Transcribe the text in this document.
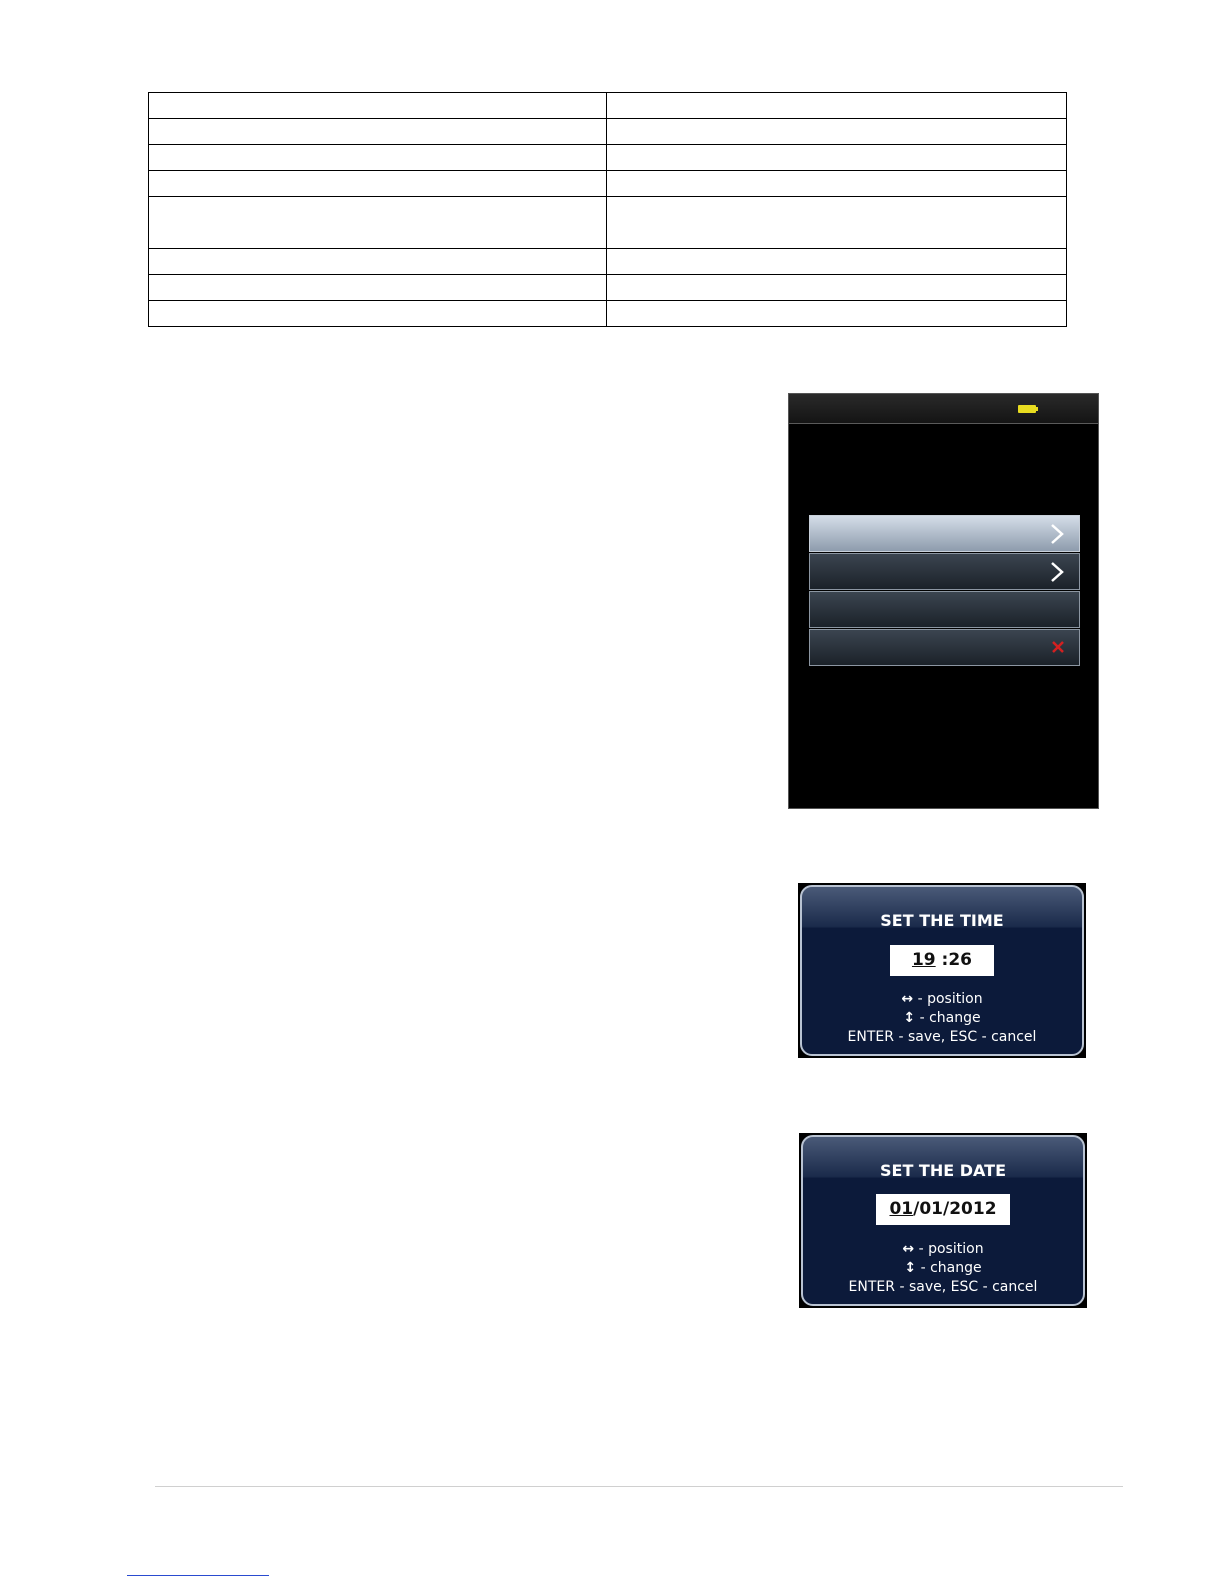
SET THE TIME
19 :26
↔ - position
↕ - change
ENTER - save, ESC - cancel
SET THE DATE
01/01/2012
↔ - position
↕ - change
ENTER - save, ESC - cancel
